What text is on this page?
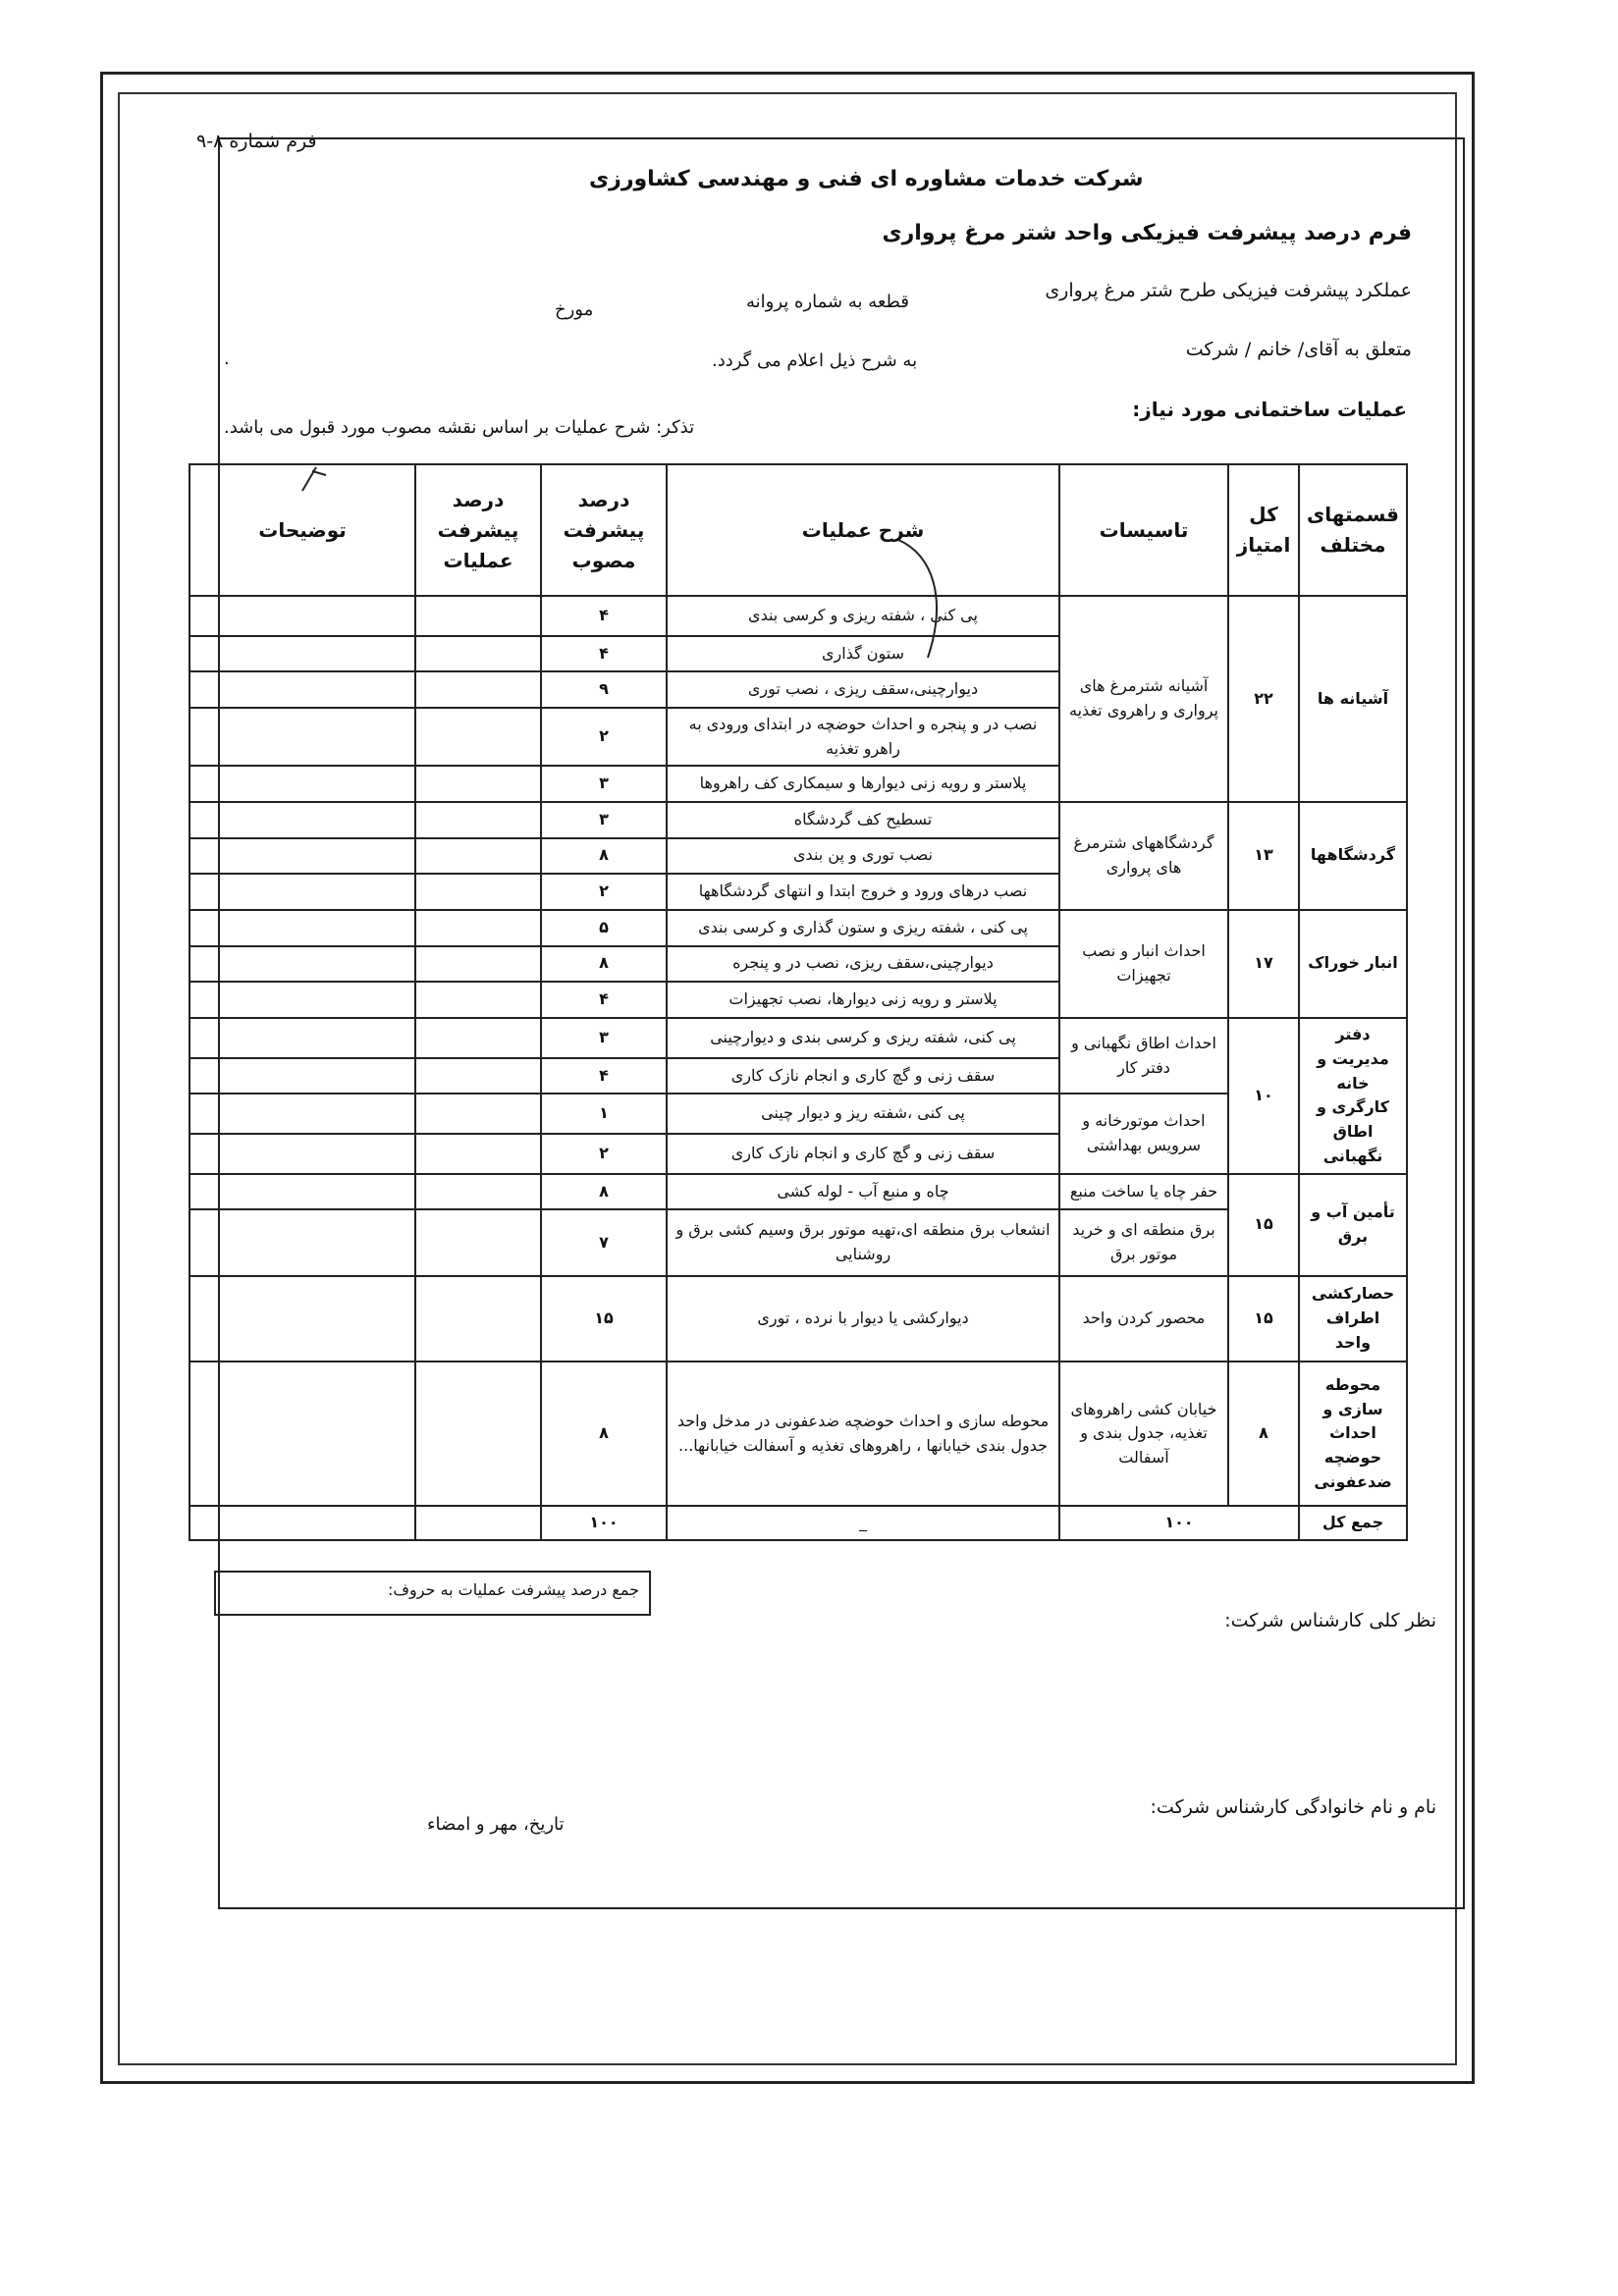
فرم شماره ۸-۹
شرکت خدمات مشاوره ای فنی و مهندسی کشاورزی
فرم درصد پیشرفت فیزیکی واحد شتر مرغ پرواری
عملکرد پیشرفت فیزیکی طرح شتر مرغ پرواری
قطعه به شماره پروانه
مورخ
متعلق به آقای/ خانم / شرکت
به شرح ذیل اعلام می گردد.
.
عملیات ساختمانی مورد نیاز:
تذکر: شرح عملیات بر اساس نقشه مصوب مورد قبول می باشد.
قسمتهای مختلف	کل امتیاز	تاسیسات	شرح عملیات	درصد پیشرفت مصوب	درصد پیشرفت عملیات	توضیحات
آشیانه ها	۲۲	آشیانه شترمرغ های پرواری و راهروی تغذیه	پی کنی ، شفته ریزی و کرسی بندی	۴		
			ستون گذاری	۴		
			دیوارچینی،سقف ریزی ، نصب توری	۹		
			نصب در و پنجره و احداث حوضچه در ابتدای ورودی به راهرو تغذیه	۲		
			پلاستر و رویه زنی دیوارها و سیمکاری کف راهروها	۳		
گردشگاهها	۱۳	گردشگاههای شترمرغ های پرواری	تسطیح کف گردشگاه	۳		
			نصب توری و پن بندی	۸		
			نصب درهای ورود و خروج ابتدا و انتهای گردشگاهها	۲		
انبار خوراک	۱۷	احداث انبار و نصب تجهیزات	پی کنی ، شفته ریزی و ستون گذاری و کرسی بندی	۵		
			دیوارچینی،سقف ریزی، نصب در و پنجره	۸		
			پلاستر و رویه زنی دیوارها، نصب تجهیزات	۴		
دفتر مدیریت و خانه کارگری و اطاق نگهبانی	۱۰	احداث اطاق نگهبانی و دفتر کار	پی کنی، شفته ریزی و کرسی بندی و دیوارچینی	۳		
			سقف زنی و گچ کاری و انجام نازک کاری	۴		
		احداث موتورخانه و سرویس بهداشتی	پی کنی ،شفته ریز و دیوار چینی	۱		
			سقف زنی و گچ کاری و انجام نازک کاری	۲		
تأمین آب و برق	۱۵	حفر چاه یا ساخت منبع	چاه و منبع آب - لوله کشی	۸		
		برق منطقه ای و خرید موتور برق	انشعاب برق منطقه ای،تهیه موتور برق وسیم کشی برق و روشنایی	۷		
حصارکشی اطراف واحد	۱۵	محصور کردن واحد	دیوارکشی یا دیوار با نرده ، توری	۱۵		
محوطه سازی و احداث حوضچه ضدعفونی	۸	خیابان کشی راهروهای تغذیه، جدول بندی و آسفالت	محوطه سازی و احداث حوضچه ضدعفونی در مدخل واحد جدول بندی خیابانها ، راهروهای تغذیه و آسفالت خیابانها...	۸		
جمع کل	۱۰۰		_	۱۰۰		
جمع درصد پیشرفت عملیات به حروف:
نظر کلی کارشناس شرکت:
نام و نام خانوادگی کارشناس شرکت:
تاریخ، مهر و امضاء
